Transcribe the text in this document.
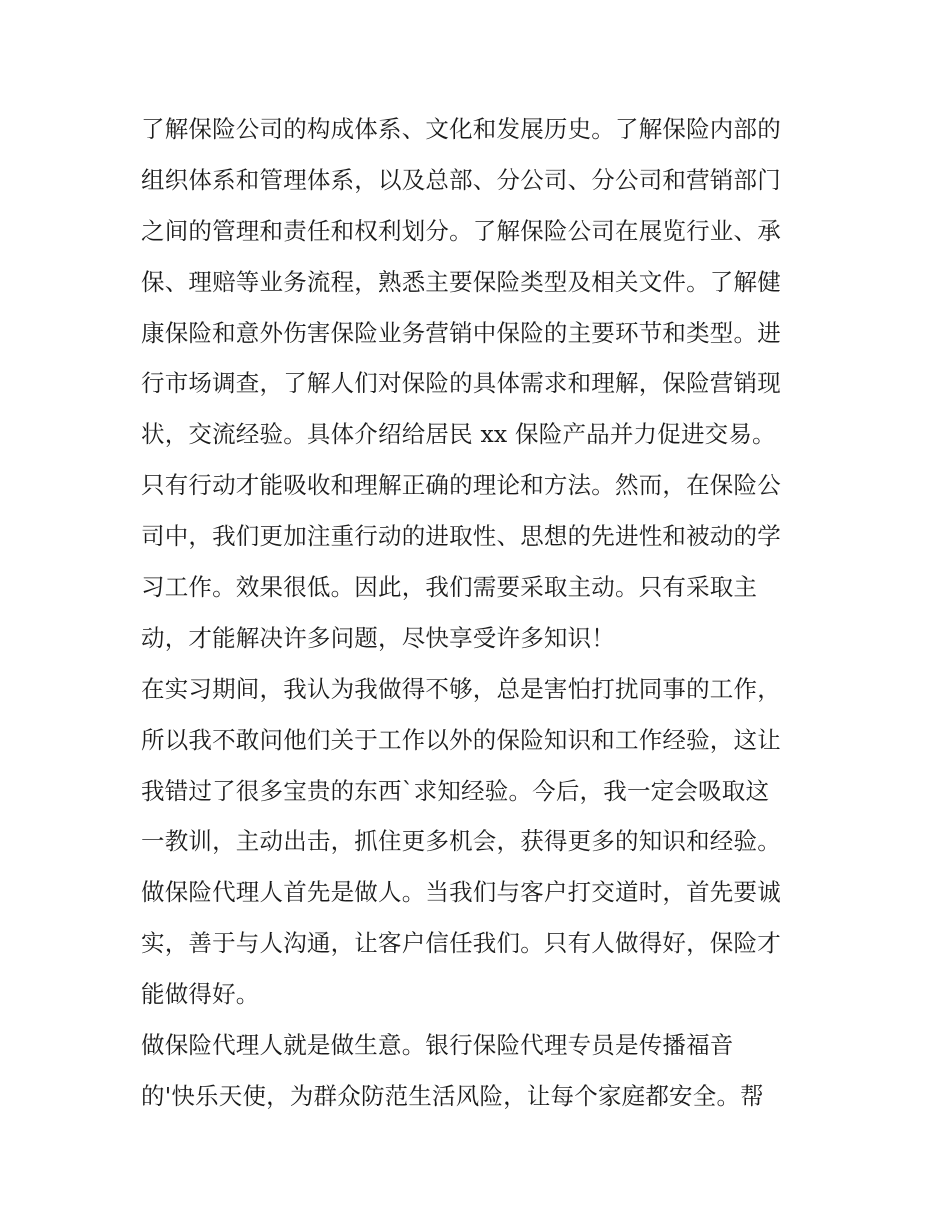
了解保险公司的构成体系、文化和发展历史。了解保险内部的
组织体系和管理体系，以及总部、分公司、分公司和营销部门
之间的管理和责任和权利划分。了解保险公司在展览行业、承
保、理赔等业务流程，熟悉主要保险类型及相关文件。了解健
康保险和意外伤害保险业务营销中保险的主要环节和类型。进
行市场调查，了解人们对保险的具体需求和理解，保险营销现
状，交流经验。具体介绍给居民 xx 保险产品并力促进交易。
只有行动才能吸收和理解正确的理论和方法。然而，在保险公
司中，我们更加注重行动的进取性、思想的先进性和被动的学
习工作。效果很低。因此，我们需要采取主动。只有采取主
动，才能解决许多问题，尽快享受许多知识！
在实习期间，我认为我做得不够，总是害怕打扰同事的工作，
所以我不敢问他们关于工作以外的保险知识和工作经验，这让
我错过了很多宝贵的东西`求知经验。今后，我一定会吸取这
一教训，主动出击，抓住更多机会，获得更多的知识和经验。
做保险代理人首先是做人。当我们与客户打交道时，首先要诚
实，善于与人沟通，让客户信任我们。只有人做得好，保险才
能做得好。
做保险代理人就是做生意。银行保险代理专员是传播福音
的'快乐天使，为群众防范生活风险，让每个家庭都安全。帮
